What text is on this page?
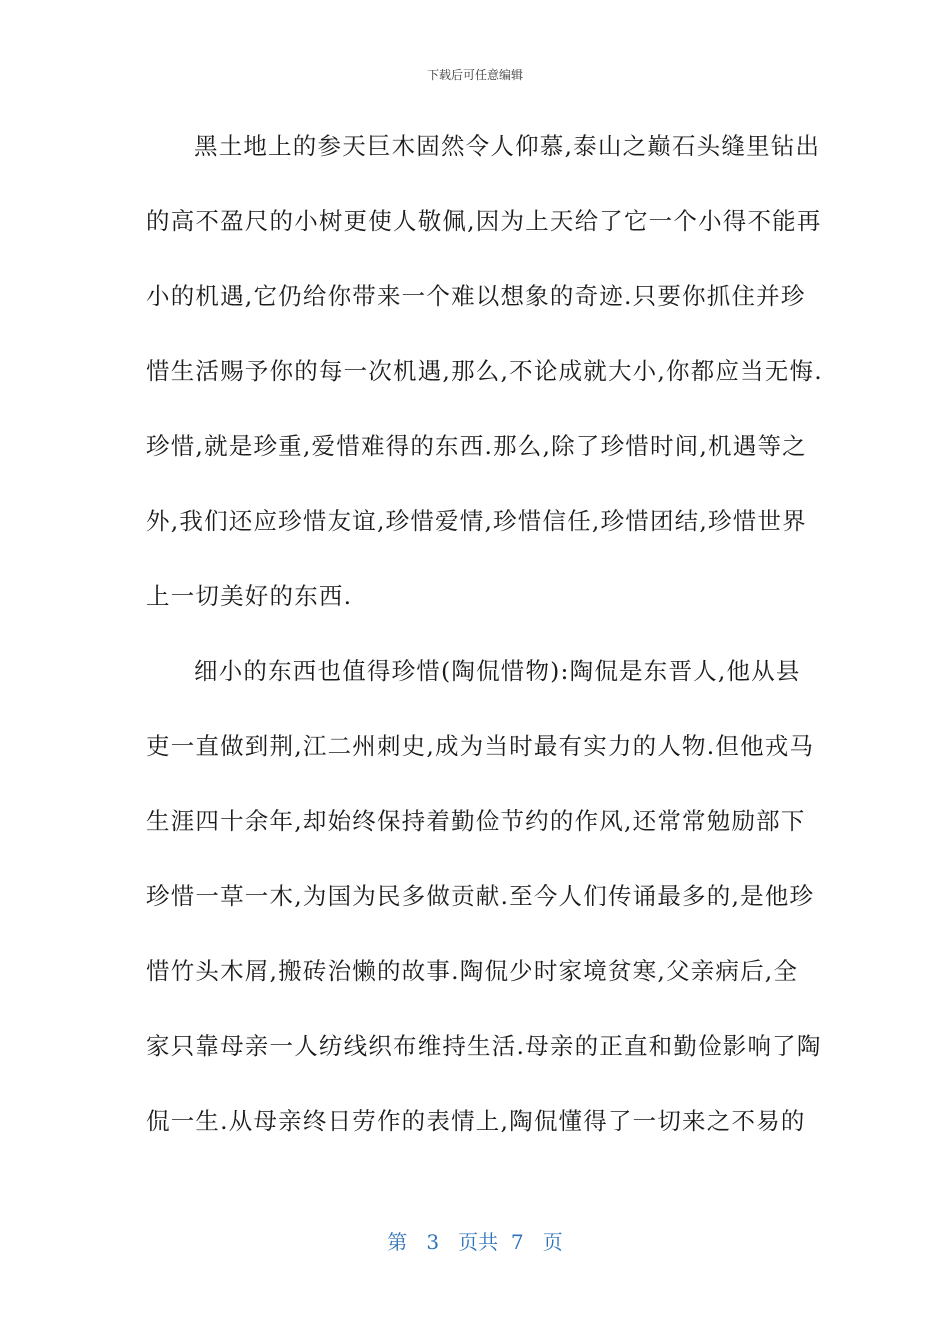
下载后可任意编辑
黑土地上的参天巨木固然令人仰慕,泰山之巅石头缝里钻出
的高不盈尺的小树更使人敬佩,因为上天给了它一个小得不能再
小的机遇,它仍给你带来一个难以想象的奇迹.只要你抓住并珍
惜生活赐予你的每一次机遇,那么,不论成就大小,你都应当无悔.
珍惜,就是珍重,爱惜难得的东西.那么,除了珍惜时间,机遇等之
外,我们还应珍惜友谊,珍惜爱情,珍惜信任,珍惜团结,珍惜世界
上一切美好的东西.
细小的东西也值得珍惜(陶侃惜物):陶侃是东晋人,他从县
吏一直做到荆,江二州刺史,成为当时最有实力的人物.但他戎马
生涯四十余年,却始终保持着勤俭节约的作风,还常常勉励部下
珍惜一草一木,为国为民多做贡献.至今人们传诵最多的,是他珍
惜竹头木屑,搬砖治懒的故事.陶侃少时家境贫寒,父亲病后,全
家只靠母亲一人纺线织布维持生活.母亲的正直和勤俭影响了陶
侃一生.从母亲终日劳作的表情上,陶侃懂得了一切来之不易的
第 3 页共 7 页
